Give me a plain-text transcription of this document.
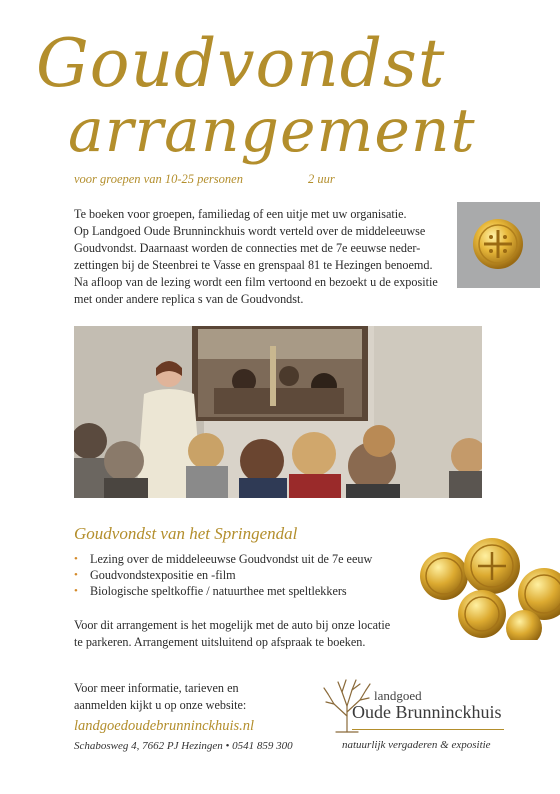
Goudvondst
arrangement
voor groepen van 10-25 personen	2 uur

Te boeken voor groepen, familiedag of een uitje met uw organisatie.

Op Landgoed Oude Brunninckhuis wordt verteld over de middeleeuwse

Goudvondst. Daarnaast worden de connecties met de 7e eeuwse neder-

zettingen bij de Steenbrei te Vasse en grenspaal 81 te Hezingen benoemd.

Na afloop van de lezing wordt een film vertoond en bezoekt u de expositie

met onder andere replica s van de Goudvondst.

Goudvondst van het Springendal
• Lezing over de middeleeuwse Goudvondst uit de 7e eeuw
• Goudvondstexpositie en -film
• Biologische speltkoffie / natuurthee met speltlekkers

Voor dit arrangement is het mogelijk met de auto bij onze locatie

te parkeren. Arrangement uitsluitend op afspraak te boeken.

Voor meer informatie, tarieven en

aanmelden kijkt u op onze website:

landgoedoudebrunninckhuis.nl
Schabosweg 4, 7662 PJ Hezingen • 0541 859 300
landgoed
Oude Brunninckhuis
natuurlijk vergaderen & expositie
